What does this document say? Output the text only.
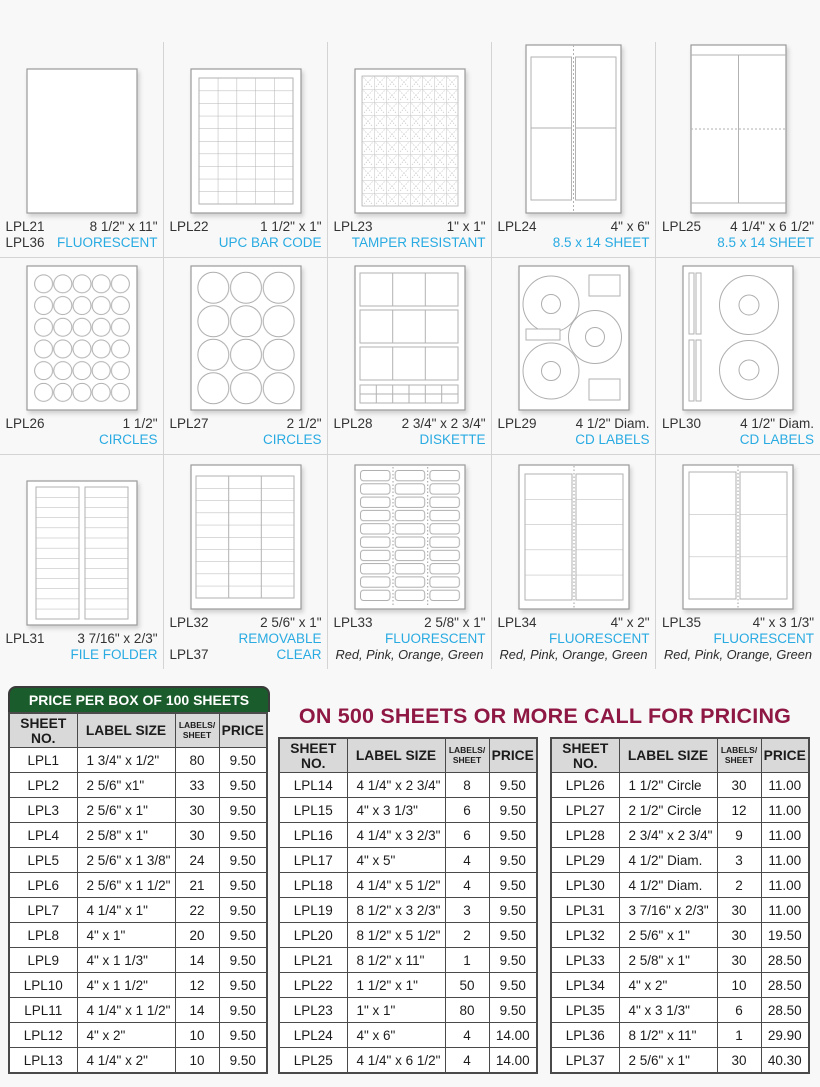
LPL21	8 1/2" x 11"
LPL36 FLUORESCENT
LPL22	1 1/2" x 1"
UPC BAR CODE
LPL23	1" x 1"
TAMPER RESISTANT
LPL24	4" x 6"
8.5 x 14 SHEET
LPL25 4 1/4" x 6 1/2"
8.5 x 14 SHEET
LPL26	1 1/2"
CIRCLES
LPL27	2 1/2"
CIRCLES
LPL28 2 3/4" x 2 3/4"
DISKETTE
LPL29	4 1/2" Diam.
CD LABELS
LPL30	4 1/2" Diam.
CD LABELS
LPL31 3 7/16" x 2/3"
FILE FOLDER
LPL32	2 5/6" x 1"
REMOVABLE
LPL37	CLEAR
LPL33	2 5/8" x 1"
FLUORESCENT
Red, Pink, Orange, Green
LPL34	4" x 2"
FLUORESCENT
Red, Pink, Orange, Green
LPL35	4" x 3 1/3"
FLUORESCENT
Red, Pink, Orange, Green
ON 500 SHEETS OR MORE CALL FOR PRICING
PRICE PER BOX OF 100 SHEETS
SHEET NO.	LABEL SIZE	LABELS/
SHEET	PRICE
LPL1	1 3/4" x 1/2"	80	9.50
LPL2	2 5/6" x1"	33	9.50
LPL3	2 5/6" x 1"	30	9.50
LPL4	2 5/8" x 1"	30	9.50
LPL5	2 5/6" x 1 3/8"	24	9.50
LPL6	2 5/6" x 1 1/2"	21	9.50
LPL7	4 1/4" x 1"	22	9.50
LPL8	4" x 1"	20	9.50
LPL9	4" x 1 1/3"	14	9.50
LPL10	4" x 1 1/2"	12	9.50
LPL11	4 1/4" x 1 1/2"	14	9.50
LPL12	4" x 2"	10	9.50
LPL13	4 1/4" x 2"	10	9.50
SHEET NO.	LABEL SIZE	LABELS/
SHEET	PRICE
LPL14	4 1/4" x 2 3/4"	8	9.50
LPL15	4" x 3 1/3"	6	9.50
LPL16	4 1/4" x 3 2/3"	6	9.50
LPL17	4" x 5"	4	9.50
LPL18	4 1/4" x 5 1/2"	4	9.50
LPL19	8 1/2" x 3 2/3"	3	9.50
LPL20	8 1/2" x 5 1/2"	2	9.50
LPL21	8 1/2" x 11"	1	9.50
LPL22	1 1/2" x 1"	50	9.50
LPL23	1" x 1"	80	9.50
LPL24	4" x 6"	4	14.00
LPL25	4 1/4" x 6 1/2"	4	14.00
SHEET NO.	LABEL SIZE	LABELS/
SHEET	PRICE
LPL26	1 1/2" Circle	30	11.00
LPL27	2 1/2" Circle	12	11.00
LPL28	2 3/4" x 2 3/4"	9	11.00
LPL29	4 1/2" Diam.	3	11.00
LPL30	4 1/2" Diam.	2	11.00
LPL31	3 7/16" x 2/3"	30	11.00
LPL32	2 5/6" x 1"	30	19.50
LPL33	2 5/8" x 1"	30	28.50
LPL34	4" x 2"	10	28.50
LPL35	4" x 3 1/3"	6	28.50
LPL36	8 1/2" x 11"	1	29.90
LPL37	2 5/6" x 1"	30	40.30
